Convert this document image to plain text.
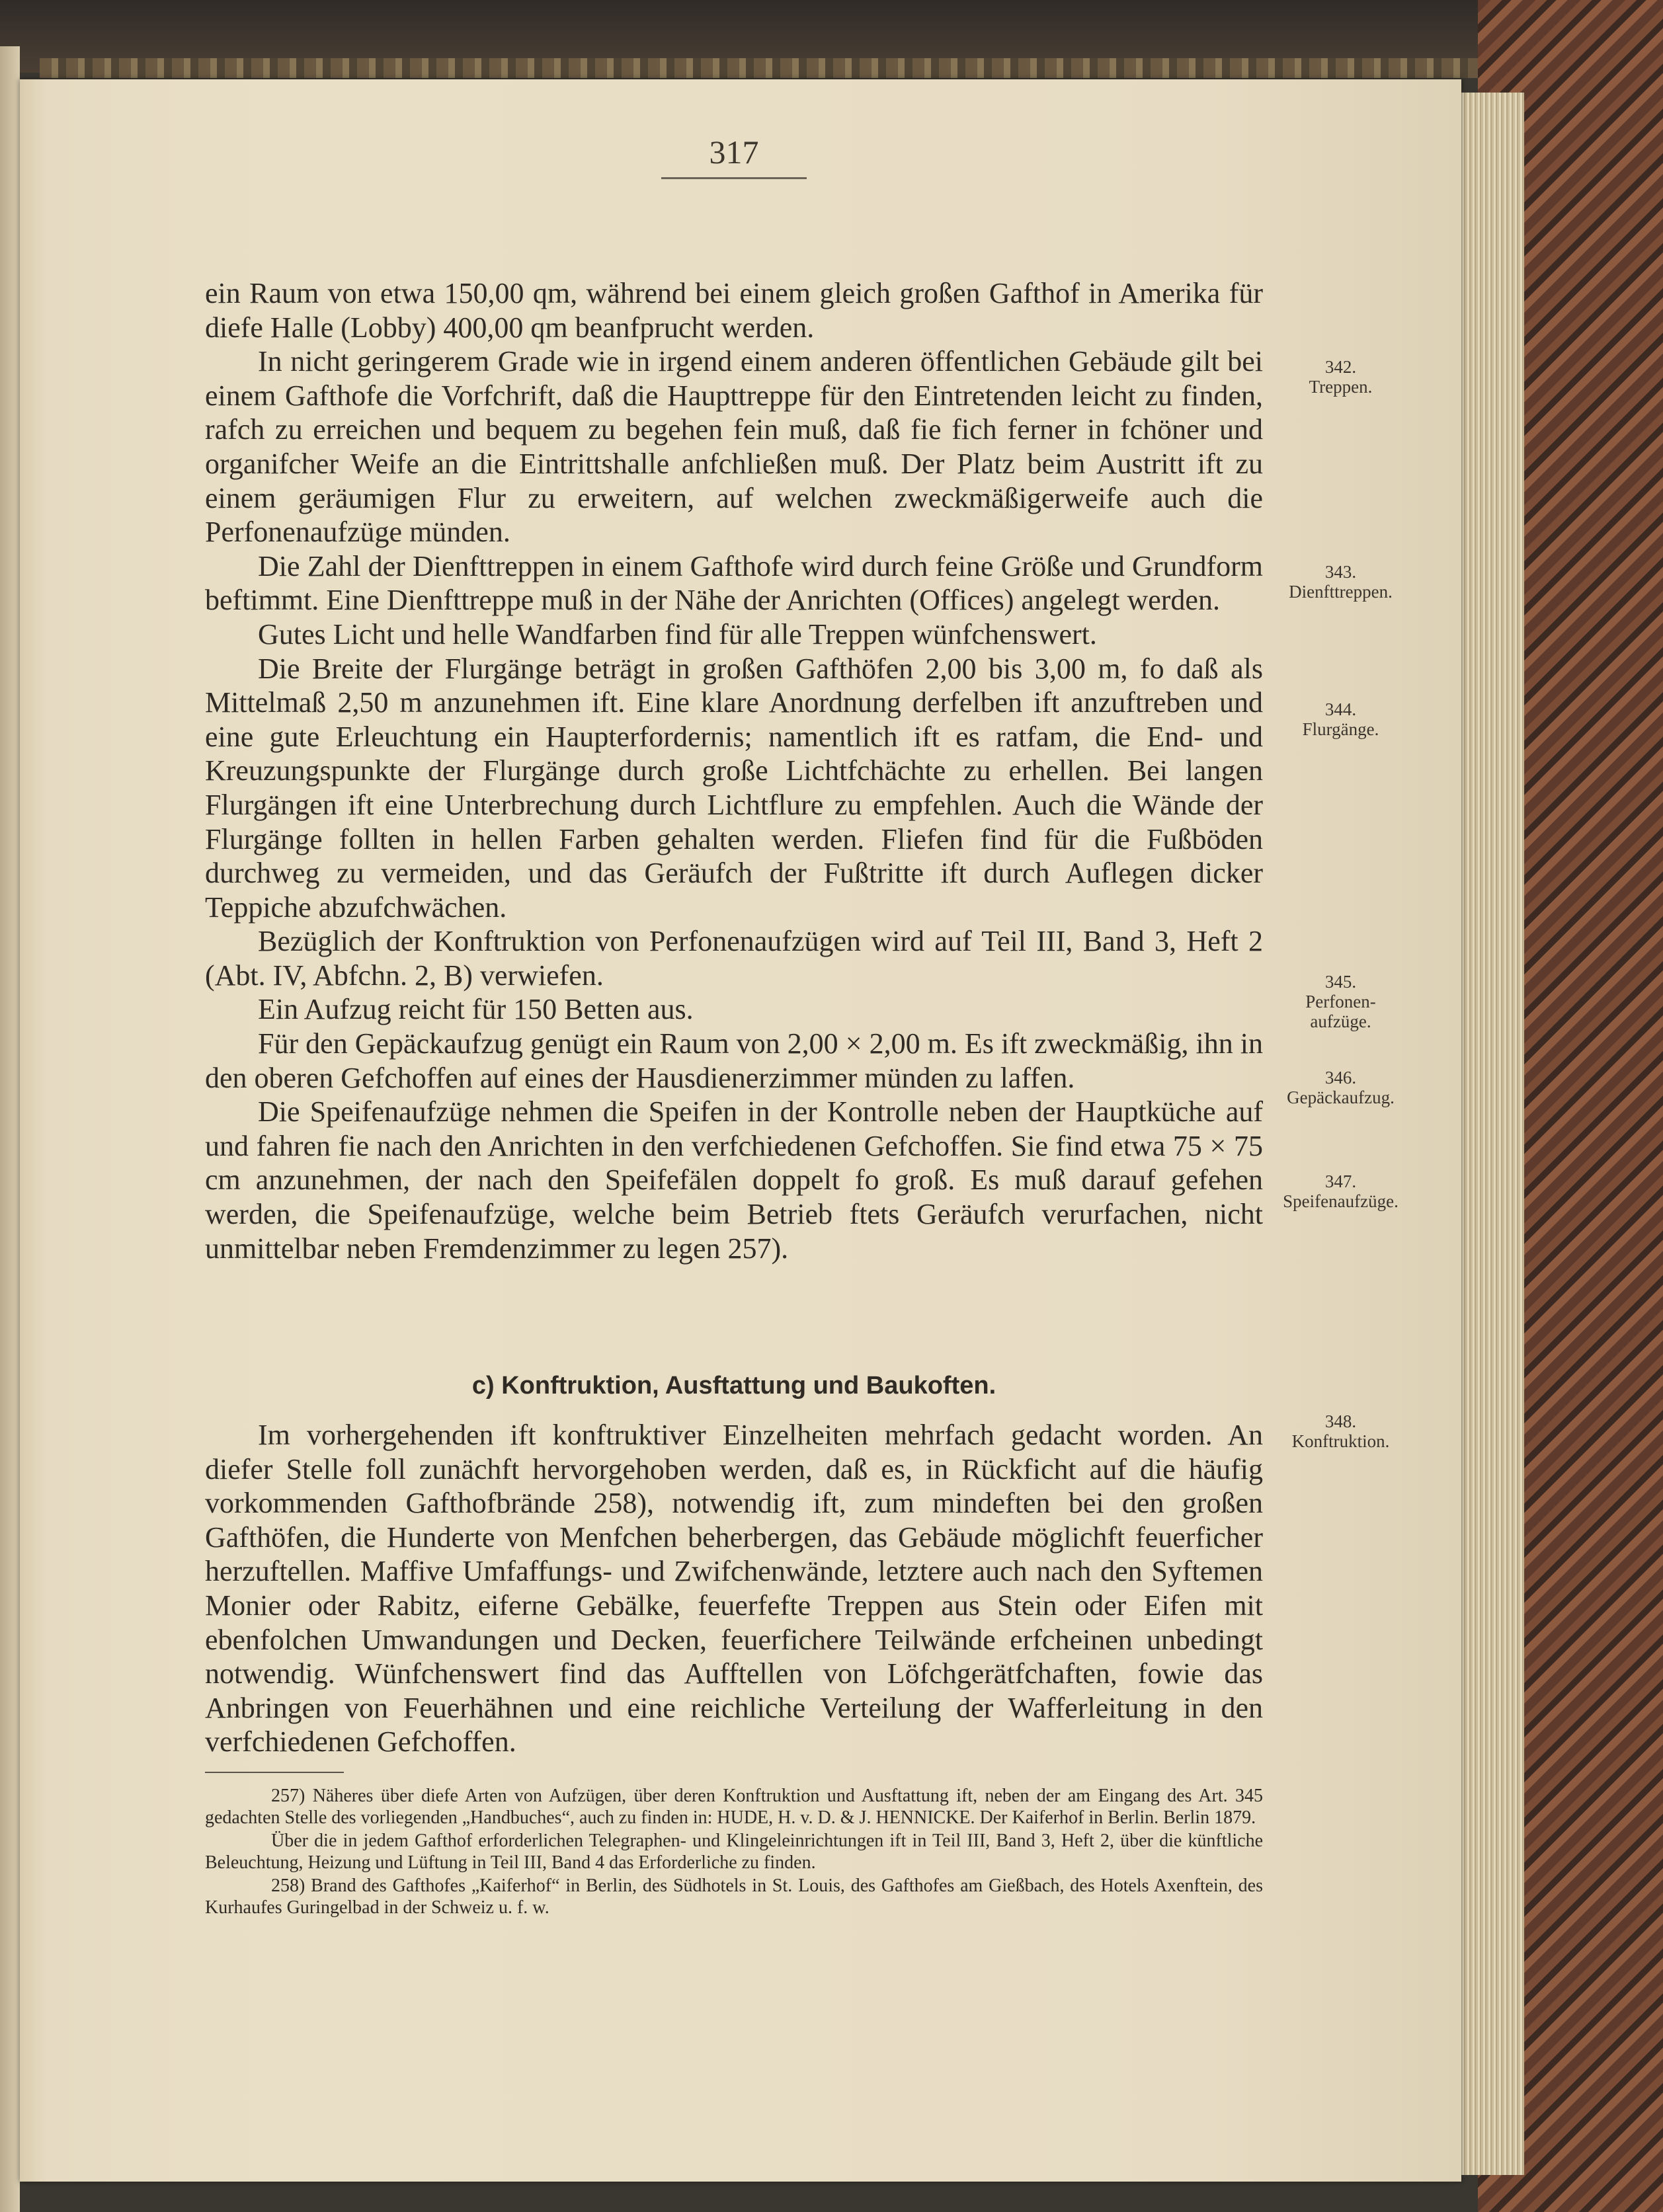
317

ein Raum von etwa 150,00 qm, während bei einem gleich großen Gafthof in Amerika für diefe Halle (Lobby) 400,00 qm beanfprucht werden.

In nicht geringerem Grade wie in irgend einem anderen öffentlichen Gebäude gilt bei einem Gafthofe die Vorfchrift, daß die Haupttreppe für den Eintretenden leicht zu finden, rafch zu erreichen und bequem zu begehen fein muß, daß fie fich ferner in fchöner und organifcher Weife an die Eintrittshalle anfchließen muß. Der Platz beim Austritt ift zu einem geräumigen Flur zu erweitern, auf welchen zweckmäßigerweife auch die Perfonenaufzüge münden.

Die Zahl der Dienfttreppen in einem Gafthofe wird durch feine Größe und Grundform beftimmt. Eine Dienfttreppe muß in der Nähe der Anrichten (Offices) angelegt werden.

Gutes Licht und helle Wandfarben find für alle Treppen wünfchenswert.

Die Breite der Flurgänge beträgt in großen Gafthöfen 2,00 bis 3,00 m, fo daß als Mittelmaß 2,50 m anzunehmen ift. Eine klare Anordnung derfelben ift anzuftreben und eine gute Erleuchtung ein Haupterfordernis; namentlich ift es ratfam, die End- und Kreuzungspunkte der Flurgänge durch große Lichtfchächte zu erhellen. Bei langen Flurgängen ift eine Unterbrechung durch Lichtflure zu empfehlen. Auch die Wände der Flurgänge follten in hellen Farben gehalten werden. Fliefen find für die Fußböden durchweg zu vermeiden, und das Geräufch der Fußtritte ift durch Auflegen dicker Teppiche abzufchwächen.

Bezüglich der Konftruktion von Perfonenaufzügen wird auf Teil III, Band 3, Heft 2 (Abt. IV, Abfchn. 2, B) verwiefen.

Ein Aufzug reicht für 150 Betten aus.

Für den Gepäckaufzug genügt ein Raum von 2,00 × 2,00 m. Es ift zweckmäßig, ihn in den oberen Gefchoffen auf eines der Hausdienerzimmer münden zu laffen.

Die Speifenaufzüge nehmen die Speifen in der Kontrolle neben der Hauptküche auf und fahren fie nach den Anrichten in den verfchiedenen Gefchoffen. Sie find etwa 75 × 75 cm anzunehmen, der nach den Speifefälen doppelt fo groß. Es muß darauf gefehen werden, die Speifenaufzüge, welche beim Betrieb ftets Geräufch verurfachen, nicht unmittelbar neben Fremdenzimmer zu legen 257).

c) Konftruktion, Ausftattung und Baukoften.

Im vorhergehenden ift konftruktiver Einzelheiten mehrfach gedacht worden. An diefer Stelle foll zunächft hervorgehoben werden, daß es, in Rückficht auf die häufig vorkommenden Gafthofbrände 258), notwendig ift, zum mindeften bei den großen Gafthöfen, die Hunderte von Menfchen beherbergen, das Gebäude möglichft feuerficher herzuftellen. Maffive Umfaffungs- und Zwifchenwände, letztere auch nach den Syftemen Monier oder Rabitz, eiferne Gebälke, feuerfefte Treppen aus Stein oder Eifen mit ebenfolchen Umwandungen und Decken, feuerfichere Teilwände erfcheinen unbedingt notwendig. Wünfchenswert find das Aufftellen von Löfchgerätfchaften, fowie das Anbringen von Feuerhähnen und eine reichliche Verteilung der Wafferleitung in den verfchiedenen Gefchoffen.

342.
Treppen.
343.
Dienfttreppen.
344.
Flurgänge.
345.
Perfonen-
aufzüge.
346.
Gepäckaufzug.
347.
Speifenaufzüge.
348.
Konftruktion.

257) Näheres über diefe Arten von Aufzügen, über deren Konftruktion und Ausftattung ift, neben der am Eingang des Art. 345 gedachten Stelle des vorliegenden „Handbuches“, auch zu finden in: HUDE, H. v. D. & J. HENNICKE. Der Kaiferhof in Berlin. Berlin 1879.

Über die in jedem Gafthof erforderlichen Telegraphen- und Klingeleinrichtungen ift in Teil III, Band 3, Heft 2, über die künftliche Beleuchtung, Heizung und Lüftung in Teil III, Band 4 das Erforderliche zu finden.

258) Brand des Gafthofes „Kaiferhof“ in Berlin, des Südhotels in St. Louis, des Gafthofes am Gießbach, des Hotels Axenftein, des Kurhaufes Guringelbad in der Schweiz u. f. w.
